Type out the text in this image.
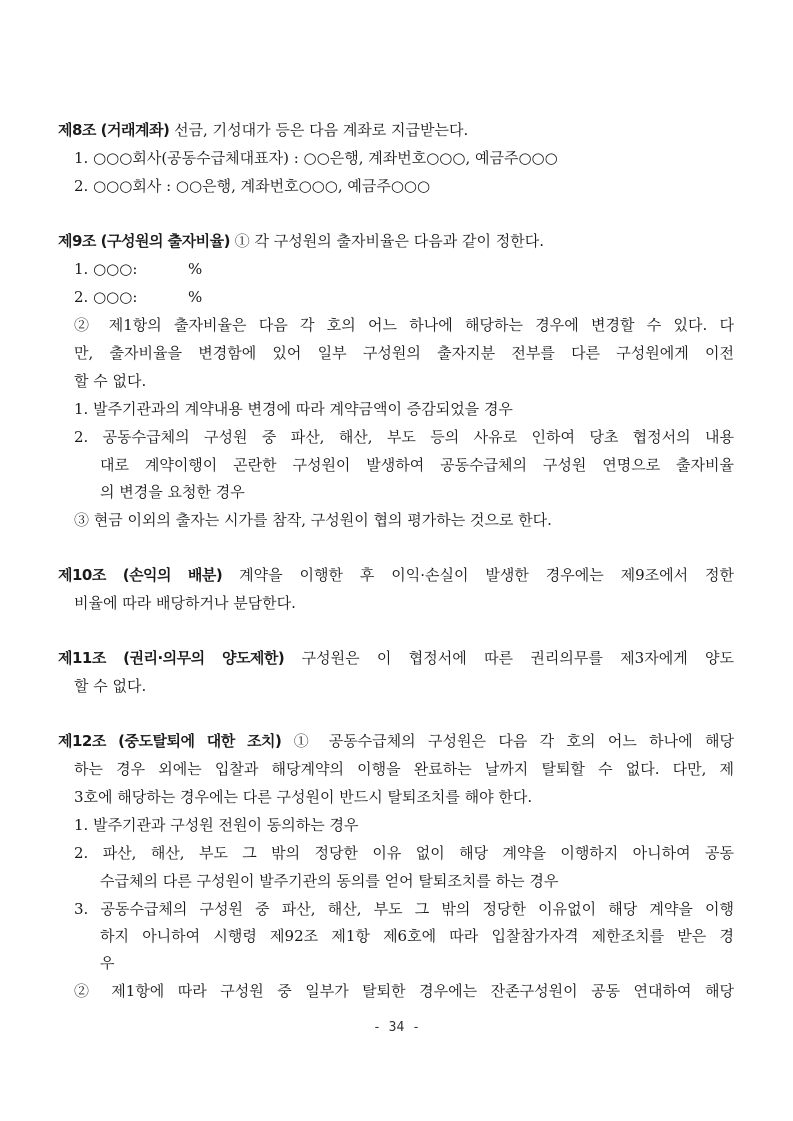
제8조 (거래계좌) 선금, 기성대가 등은 다음 계좌로 지급받는다.
1. ○○○회사(공동수급체대표자) : ○○은행, 계좌번호○○○, 예금주○○○
2. ○○○회사 : ○○은행, 계좌번호○○○, 예금주○○○
제9조 (구성원의 출자비율) ① 각 구성원의 출자비율은 다음과 같이 정한다.
1. ○○○:	%
2. ○○○:	%
② 제1항의 출자비율은 다음 각 호의 어느 하나에 해당하는 경우에 변경할 수 있다. 다
만, 출자비율을 변경함에 있어 일부 구성원의 출자지분 전부를 다른 구성원에게 이전
할 수 없다.
1. 발주기관과의 계약내용 변경에 따라 계약금액이 증감되었을 경우
2. 공동수급체의 구성원 중 파산, 해산, 부도 등의 사유로 인하여 당초 협정서의 내용
대로 계약이행이 곤란한 구성원이 발생하여 공동수급체의 구성원 연명으로 출자비율
의 변경을 요청한 경우
③ 현금 이외의 출자는 시가를 참작, 구성원이 협의 평가하는 것으로 한다.
제10조 (손익의 배분) 계약을 이행한 후 이익·손실이 발생한 경우에는 제9조에서 정한
비율에 따라 배당하거나 분담한다.
제11조 (권리·의무의 양도제한) 구성원은 이 협정서에 따른 권리의무를 제3자에게 양도
할 수 없다.
제12조 (중도탈퇴에 대한 조치) ① 공동수급체의 구성원은 다음 각 호의 어느 하나에 해당
하는 경우 외에는 입찰과 해당계약의 이행을 완료하는 날까지 탈퇴할 수 없다. 다만, 제
3호에 해당하는 경우에는 다른 구성원이 반드시 탈퇴조치를 해야 한다.
1. 발주기관과 구성원 전원이 동의하는 경우
2. 파산, 해산, 부도 그 밖의 정당한 이유 없이 해당 계약을 이행하지 아니하여 공동
수급체의 다른 구성원이 발주기관의 동의를 얻어 탈퇴조치를 하는 경우
3. 공동수급체의 구성원 중 파산, 해산, 부도 그 밖의 정당한 이유없이 해당 계약을 이행
하지 아니하여 시행령 제92조 제1항 제6호에 따라 입찰참가자격 제한조치를 받은 경
우
② 제1항에 따라 구성원 중 일부가 탈퇴한 경우에는 잔존구성원이 공동 연대하여 해당
- 34 -
